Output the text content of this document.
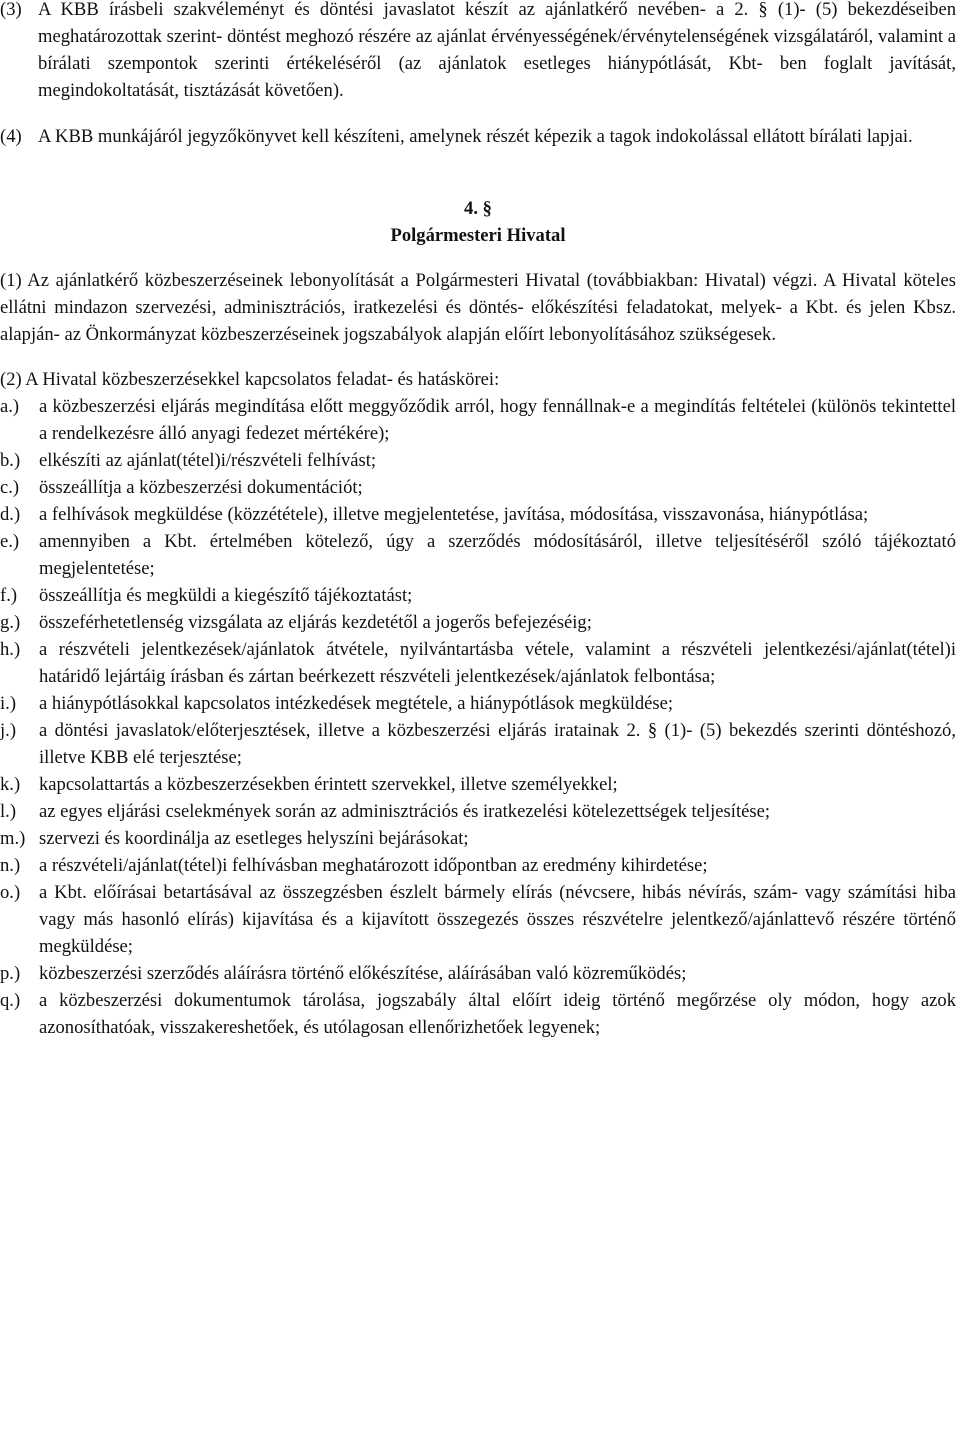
(3) A KBB írásbeli szakvéleményt és döntési javaslatot készít az ajánlatkérő nevében- a 2. § (1)- (5) bekezdéseiben meghatározottak szerint- döntést meghozó részére az ajánlat érvényességének/érvénytelenségének vizsgálatáról, valamint a bírálati szempontok szerinti értékeléséről (az ajánlatok esetleges hiánypótlását, Kbt- ben foglalt javítását, megindokoltatását, tisztázását követően).
(4) A KBB munkájáról jegyzőkönyvet kell készíteni, amelynek részét képezik a tagok indokolással ellátott bírálati lapjai.
4. §
Polgármesteri Hivatal
(1) Az ajánlatkérő közbeszerzéseinek lebonyolítását a Polgármesteri Hivatal (továbbiakban: Hivatal) végzi. A Hivatal köteles ellátni mindazon szervezési, adminisztrációs, iratkezelési és döntés- előkészítési feladatokat, melyek- a Kbt. és jelen Kbsz. alapján- az Önkormányzat közbeszerzéseinek jogszabályok alapján előírt lebonyolításához szükségesek.
(2) A Hivatal közbeszerzésekkel kapcsolatos feladat- és hatáskörei:
a.) a közbeszerzési eljárás megindítása előtt meggyőződik arról, hogy fennállnak-e a megindítás feltételei (különös tekintettel a rendelkezésre álló anyagi fedezet mértékére);
b.) elkészíti az ajánlat(tétel)i/részvételi felhívást;
c.) összeállítja a közbeszerzési dokumentációt;
d.) a felhívások megküldése (közzététele), illetve megjelentetése, javítása, módosítása, visszavonása, hiánypótlása;
e.) amennyiben a Kbt. értelmében kötelező, úgy a szerződés módosításáról, illetve teljesítéséről szóló tájékoztató megjelentetése;
f.) összeállítja és megküldi a kiegészítő tájékoztatást;
g.) összeférhetetlenség vizsgálata az eljárás kezdetétől a jogerős befejezéséig;
h.) a részvételi jelentkezések/ajánlatok átvétele, nyilvántartásba vétele, valamint a részvételi jelentkezési/ajánlat(tétel)i határidő lejártáig írásban és zártan beérkezett részvételi jelentkezések/ajánlatok felbontása;
i.) a hiánypótlásokkal kapcsolatos intézkedések megtétele, a hiánypótlások megküldése;
j.) a döntési javaslatok/előterjesztések, illetve a közbeszerzési eljárás iratainak 2. § (1)- (5) bekezdés szerinti döntéshozó, illetve KBB elé terjesztése;
k.) kapcsolattartás a közbeszerzésekben érintett szervekkel, illetve személyekkel;
l.) az egyes eljárási cselekmények során az adminisztrációs és iratkezelési kötelezettségek teljesítése;
m.) szervezi és koordinálja az esetleges helyszíni bejárásokat;
n.) a részvételi/ajánlat(tétel)i felhívásban meghatározott időpontban az eredmény kihirdetése;
o.) a Kbt. előírásai betartásával az összegzésben észlelt bármely elírás (névcsere, hibás névírás, szám- vagy számítási hiba vagy más hasonló elírás) kijavítása és a kijavított összegezés összes részvételre jelentkező/ajánlattevő részére történő megküldése;
p.) közbeszerzési szerződés aláírásra történő előkészítése, aláírásában való közreműködés;
q.) a közbeszerzési dokumentumok tárolása, jogszabály által előírt ideig történő megőrzése oly módon, hogy azok azonosíthatóak, visszakereshetőek, és utólagosan ellenőrizhetőek legyenek;
